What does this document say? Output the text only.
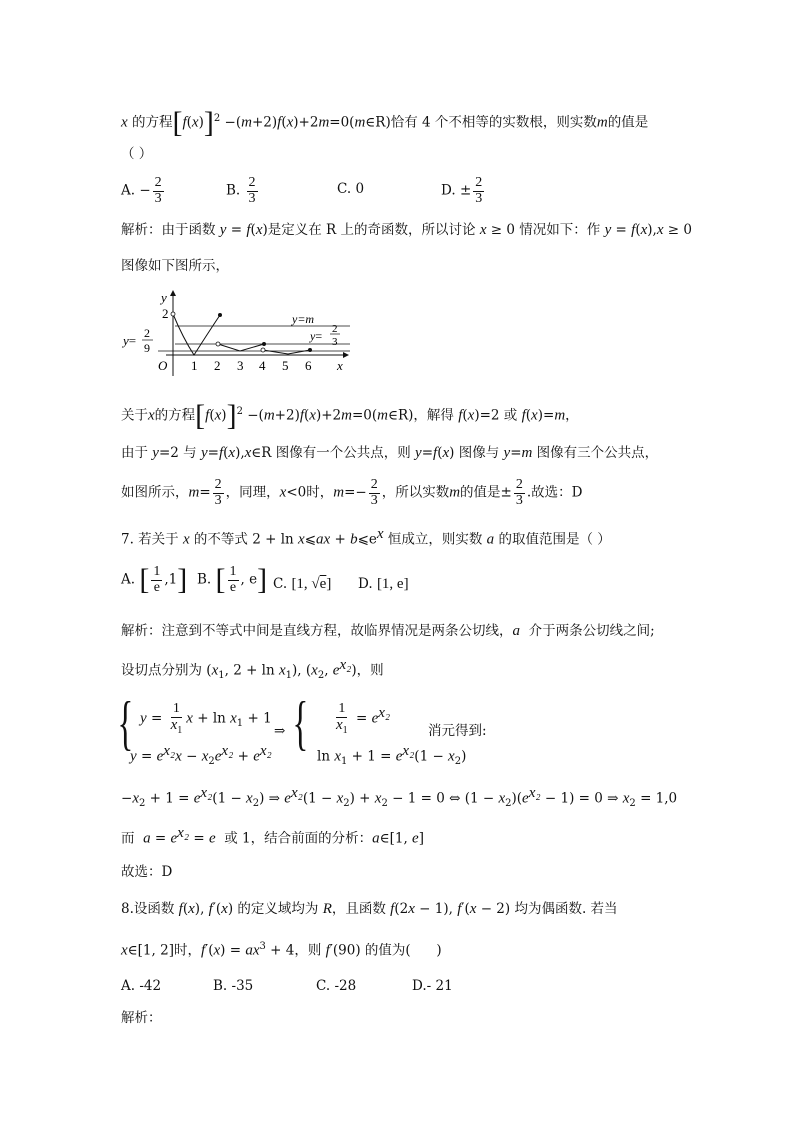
x 的方程$[f(x)]^2$ −(m+2)f(x)+2m=0(m∈R)恰有 4 个不相等的实数根，则实数m的值是
（ ）
A. − $\frac{2}{3}$	B. $\frac{2}{3}$	C. 0	D. ± $\frac{2}{3}$
解析：由于函数 y = f(x)是定义在 R 上的奇函数，所以讨论 x ≥ 0 情况如下：作 y = f(x),x ≥ 0
图像如下图所示，
y
x
O
2
1 2 3 4 5 6
y=m
y= 2
3
y= 2
9
关于x的方程$[f(x)]^2$ −(m+2)f(x)+2m=0(m∈R)，解得 f(x)=2 或 f(x)=m，
由于 y=2 与 y=f(x),x∈R 图像有一个公共点，则 y=f(x) 图像与 y=m 图像有三个公共点，
如图所示，$m= \frac{2}{3}$ ，同理，x<0时，$m=- \frac{2}{3}$ ，所以实数m的值是± $\frac{2}{3}$ .故选：D
7. 若关于 x 的不等式 2 + ln x⩽ax + $b⩽e^x$ 恒成立，则实数 a 的取值范围是（ ）
A. [ $\frac{1}{e} ,1$] B. [ $\frac{1}{e}$ , e] C. [1, √e] D. [1, e]
解析：注意到不等式中间是直线方程，故临界情况是两条公切线，a  介于两条公切线之间;
设切点分别为 ($x_1$, $2 + \ln x_1$), ($x_2$, $e^{x_2}$)，则
{ $y = \frac{1}{x_1}$ $x + \ln x_1 + 1$
$y = e^{x_2}x - x_2e^{x_2} + e^{x_2}$
⇒ { $\frac{1}{x_1} = e^{x_2}$
$\ln x_1 + 1 = e^{x_2}(1 - x_2)$
消元得到:
$-x_2 + 1 = e^{x_2}(1 - x_2)$ ⇒ $e^{x_2}(1 - x_2) + x_2 - 1 = 0$ ⇔ $(1 - x_2)(e^{x_2} - 1) = 0$ ⇒ $x_2 = 1,0$
而  $a = e^{x_2} = e$  或 1，结合前面的分析：a∈[1, e]
故选：D
8.设函数 f(x), f′(x) 的定义域均为 R，且函数 f(2x − 1), f′(x − 2) 均为偶函数. 若当
x∈[1, 2]时，$f'(x) = ax^3 + 4$，则 f′(90) 的值为(      )
A. -42	B. -35	C. -28	D.- 21
解析：
